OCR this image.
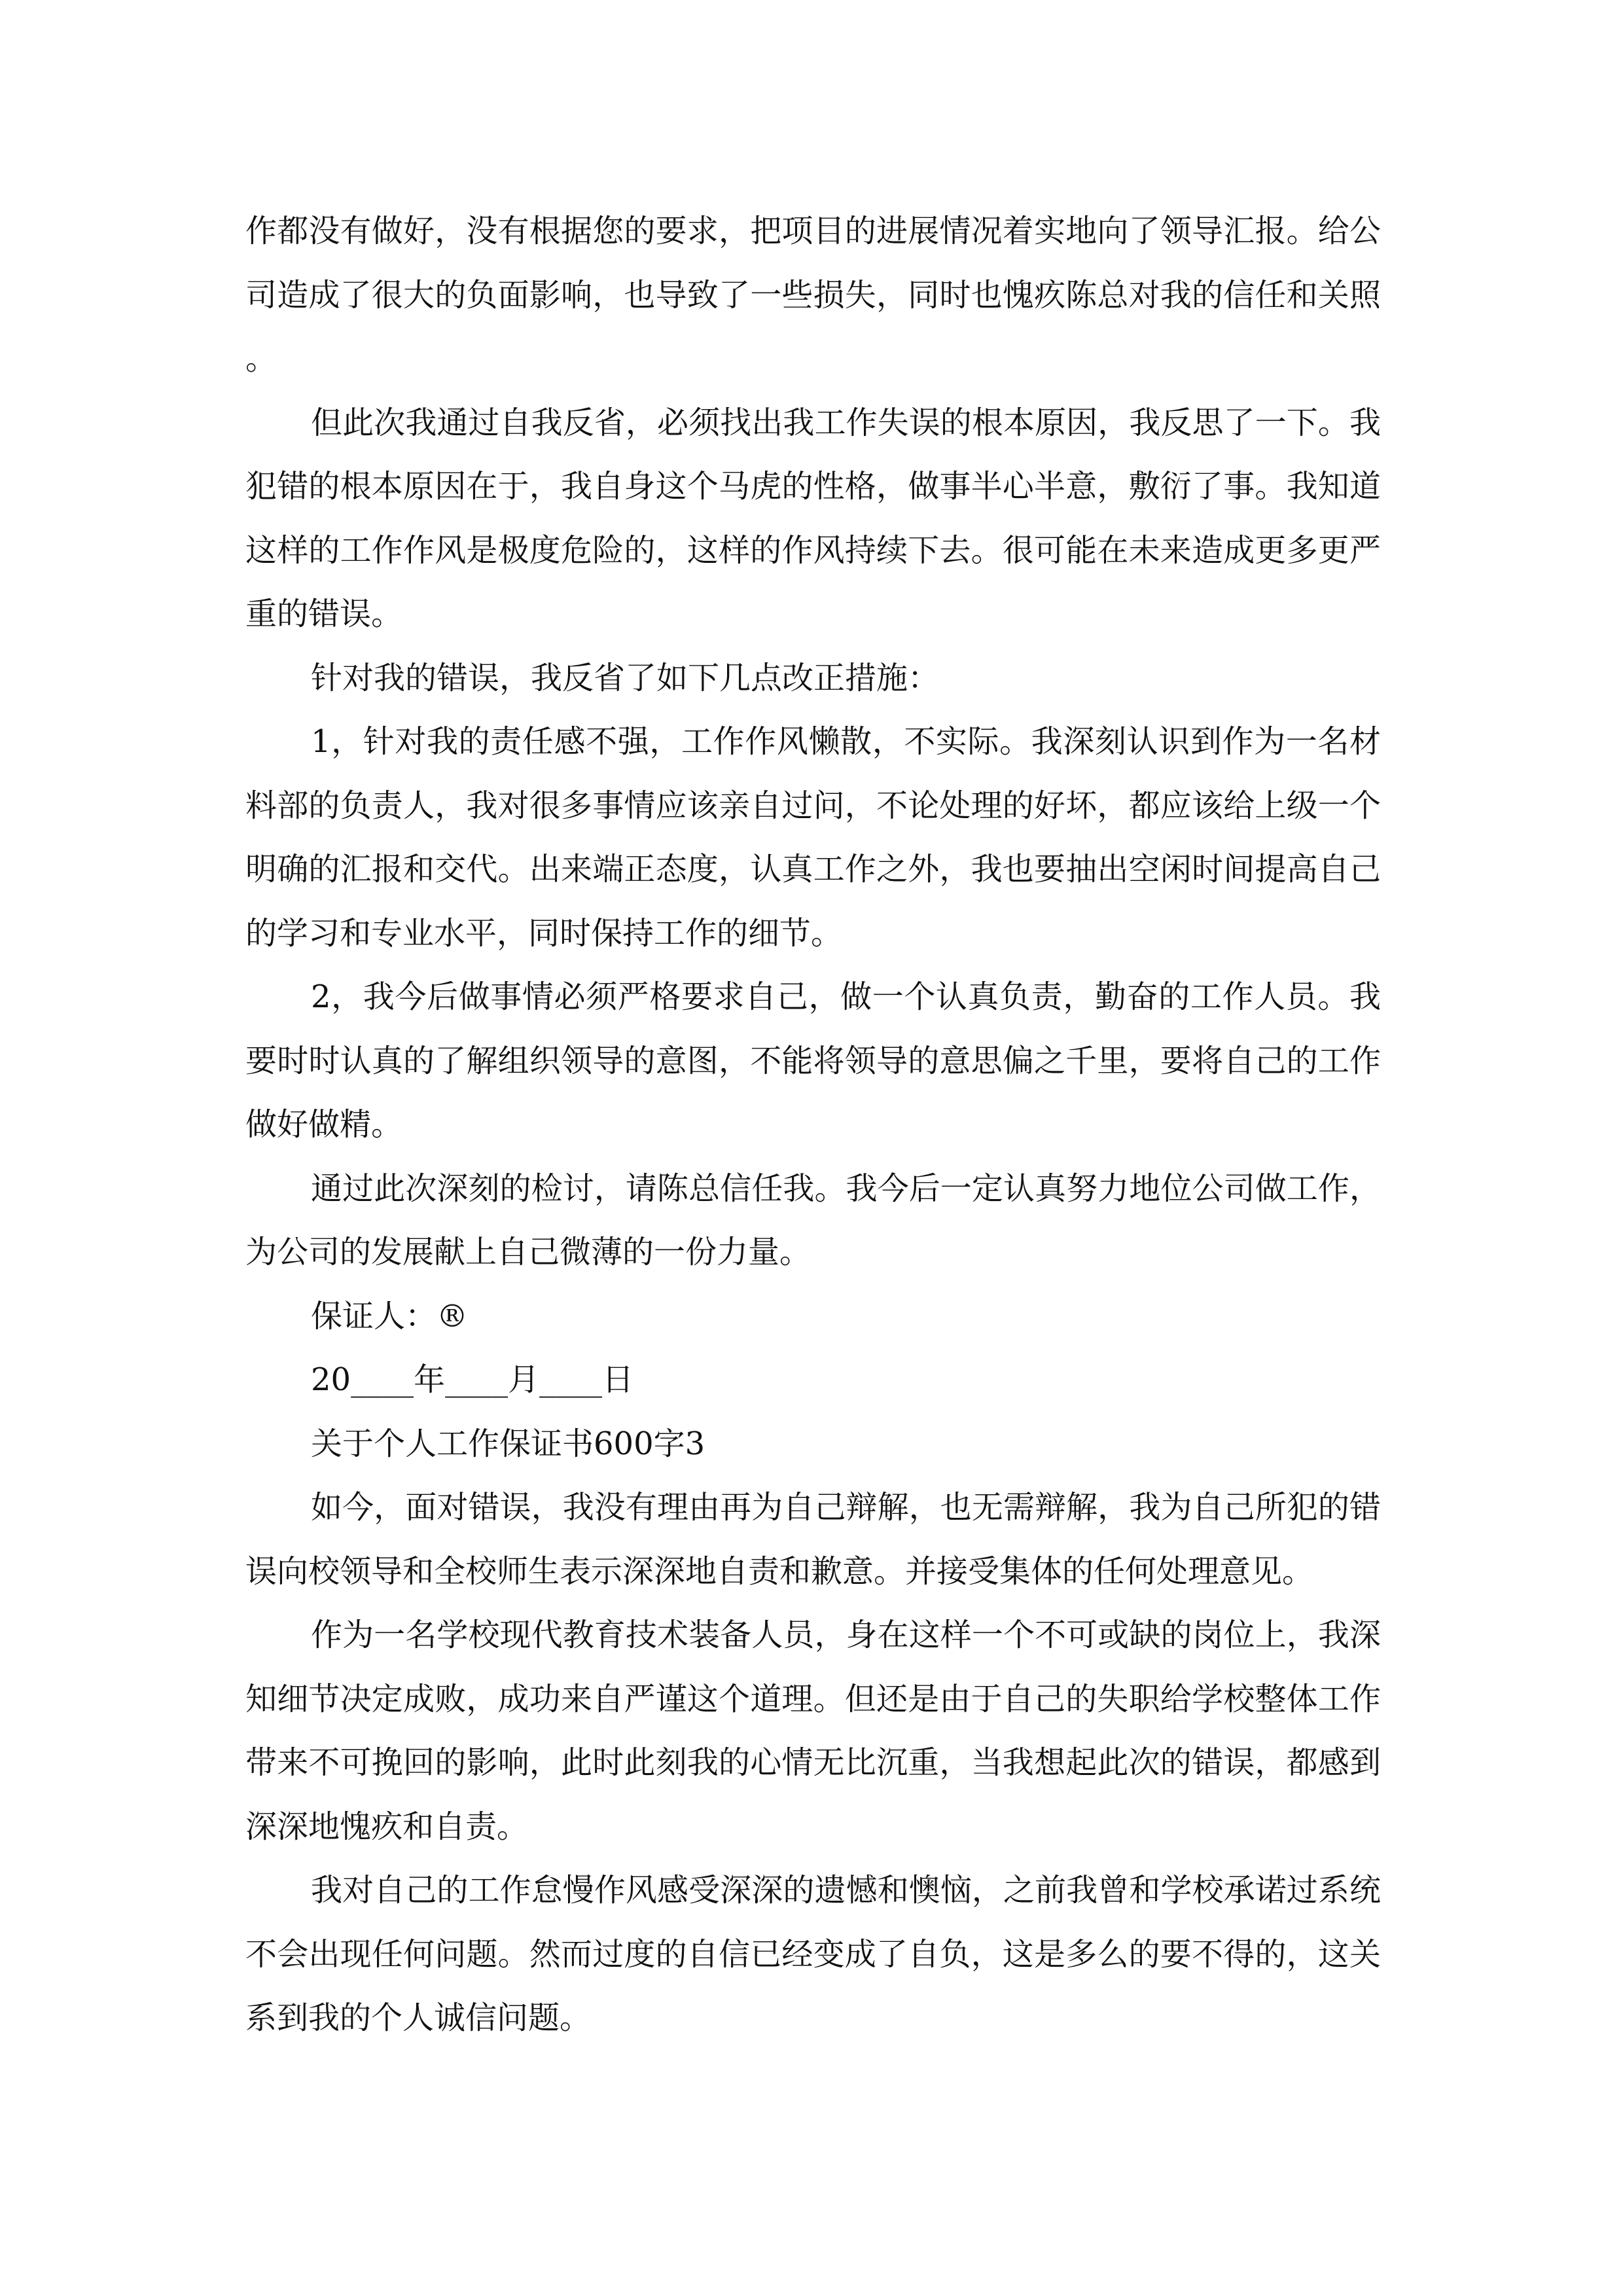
作都没有做好，没有根据您的要求，把项目的进展情况着实地向了领导汇报。给公司造成了很大的负面影响，也导致了一些损失，同时也愧疚陈总对我的信任和关照。

但此次我通过自我反省，必须找出我工作失误的根本原因，我反思了一下。我犯错的根本原因在于，我自身这个马虎的性格，做事半心半意，敷衍了事。我知道这样的工作作风是极度危险的，这样的作风持续下去。很可能在未来造成更多更严重的错误。

针对我的错误，我反省了如下几点改正措施：

1，针对我的责任感不强，工作作风懒散，不实际。我深刻认识到作为一名材料部的负责人，我对很多事情应该亲自过问，不论处理的好坏，都应该给上级一个明确的汇报和交代。出来端正态度，认真工作之外，我也要抽出空闲时间提高自己的学习和专业水平，同时保持工作的细节。

2，我今后做事情必须严格要求自己，做一个认真负责，勤奋的工作人员。我要时时认真的了解组织领导的意图，不能将领导的意思偏之千里，要将自己的工作做好做精。

通过此次深刻的检讨，请陈总信任我。我今后一定认真努力地位公司做工作，为公司的发展献上自己微薄的一份力量。

保证人：®

20____年____月____日

关于个人工作保证书600字3

如今，面对错误，我没有理由再为自己辩解，也无需辩解，我为自己所犯的错误向校领导和全校师生表示深深地自责和歉意。并接受集体的任何处理意见。

作为一名学校现代教育技术装备人员，身在这样一个不可或缺的岗位上，我深知细节决定成败，成功来自严谨这个道理。但还是由于自己的失职给学校整体工作带来不可挽回的影响，此时此刻我的心情无比沉重，当我想起此次的错误，都感到深深地愧疚和自责。

我对自己的工作怠慢作风感受深深的遗憾和懊恼，之前我曾和学校承诺过系统不会出现任何问题。然而过度的自信已经变成了自负，这是多么的要不得的，这关系到我的个人诚信问题。
